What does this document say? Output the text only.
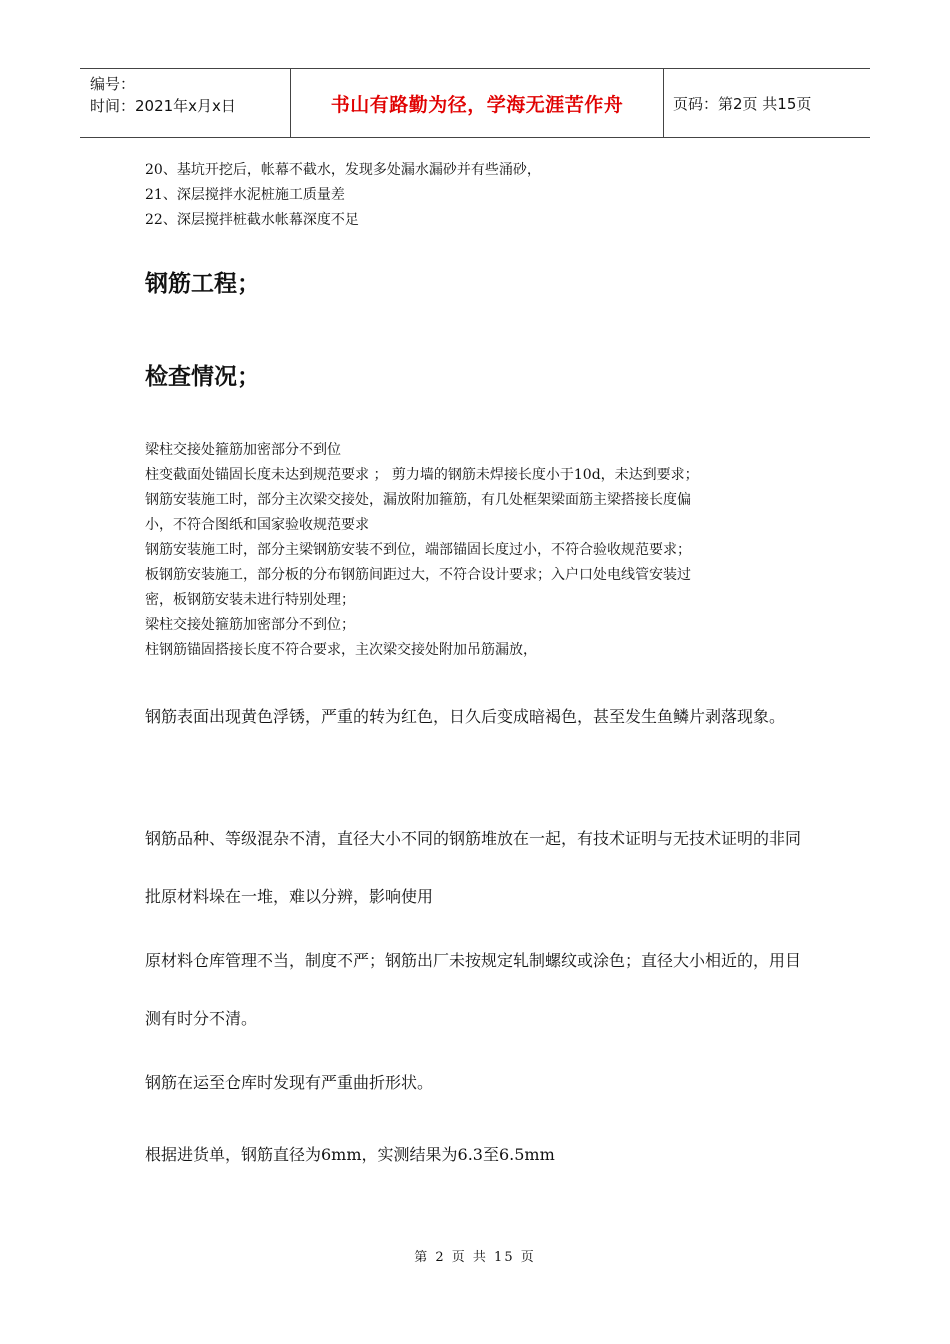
编号：
时间：2021年x月x日	书山有路勤为径，学海无涯苦作舟	页码：第2页 共15页
20、基坑开挖后，帐幕不截水，发现多处漏水漏砂并有些涌砂，
21、深层搅拌水泥桩施工质量差
22、深层搅拌桩截水帐幕深度不足
钢筋工程；
检查情况；
梁柱交接处箍筋加密部分不到位
柱变截面处锚固长度未达到规范要求 ； 剪力墙的钢筋未焊接长度小于10d，未达到要求；
钢筋安装施工时，部分主次梁交接处，漏放附加箍筋，有几处框架梁面筋主梁搭接长度偏
小，不符合图纸和国家验收规范要求
钢筋安装施工时，部分主梁钢筋安装不到位，端部锚固长度过小，不符合验收规范要求；
板钢筋安装施工，部分板的分布钢筋间距过大，不符合设计要求；入户口处电线管安装过
密，板钢筋安装未进行特别处理；
梁柱交接处箍筋加密部分不到位；
柱钢筋锚固搭接长度不符合要求，主次梁交接处附加吊筋漏放，
钢筋表面出现黄色浮锈，严重的转为红色，日久后变成暗褐色，甚至发生鱼鳞片剥落现象。
钢筋品种、等级混杂不清，直径大小不同的钢筋堆放在一起，有技术证明与无技术证明的非同批原材料垛在一堆，难以分辨，影响使用
原材料仓库管理不当，制度不严；钢筋出厂未按规定轧制螺纹或涂色；直径大小相近的，用目测有时分不清。
钢筋在运至仓库时发现有严重曲折形状。
根据进货单，钢筋直径为6mm，实测结果为6.3至6.5mm
第 2 页 共 15 页
